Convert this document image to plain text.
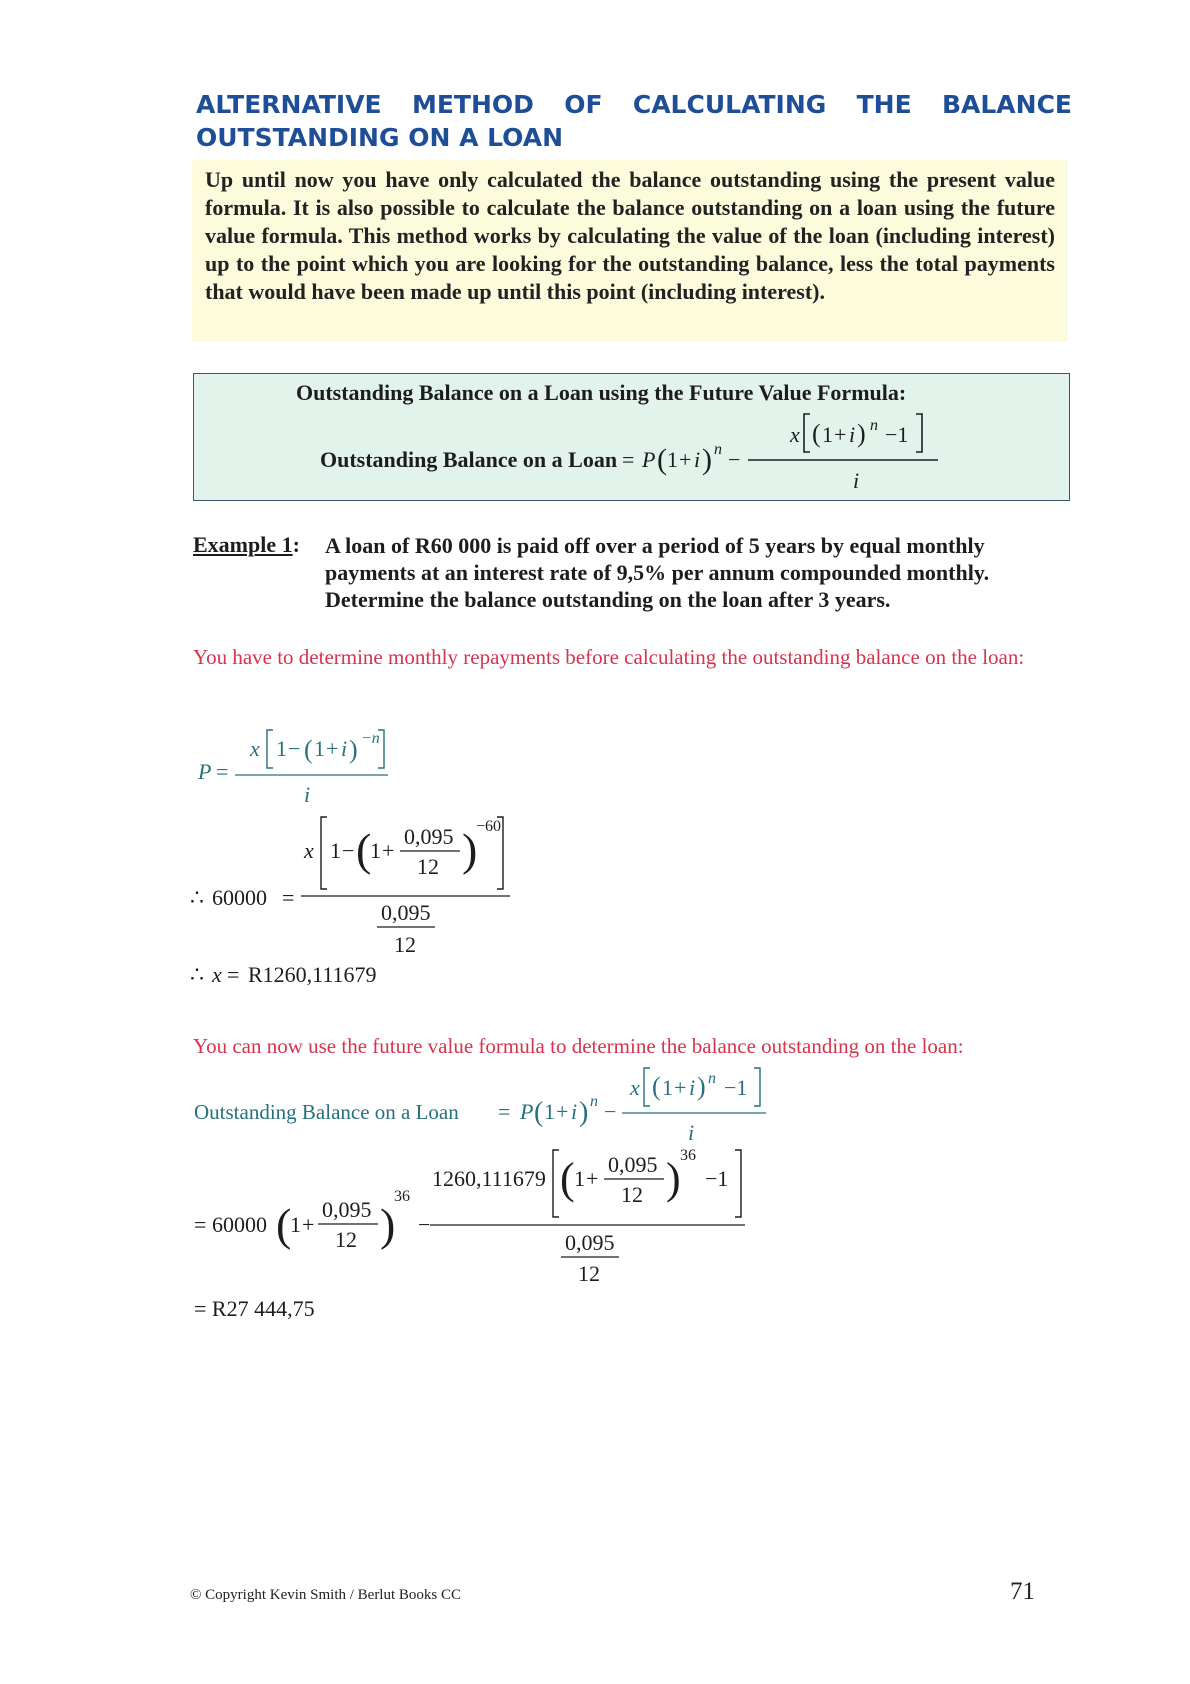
ALTERNATIVE METHOD OF CALCULATING THE BALANCE
OUTSTANDING ON A LOAN
Up until now you have only calculated the balance outstanding using the present value formula. It is also possible to calculate the balance outstanding on a loan using the future value formula. This method works by calculating the value of the loan (including interest) up to the point which you are looking for the outstanding balance, less the total payments that would have been made up until this point (including interest).
Outstanding Balance on a Loan using the Future Value Formula:
Outstanding Balance on a Loan = P ( 1 + i ) n −
x ( 1 + i ) n −1
i
Example 1: A loan of R60 000 is paid off over a period of 5 years by equal monthly payments at an interest rate of 9,5% per annum compounded monthly. Determine the balance outstanding on the loan after 3 years.
You have to determine monthly repayments before calculating the outstanding balance on the loan:
P =
x 1 − ( 1 + i ) −n
i
∴ 60000 =
x 1 − (
1 +
0,095
12 )
−60
0,095
12
∴ x = R1260,111679
You can now use the future value formula to determine the balance outstanding on the loan:
Outstanding Balance on a Loan = P ( 1 + i ) n −
x ( 1 + i ) n −1
i
= 60000 (
1 +
0,095
12 )
36
−
1260,111679 ( 1 +
0,095
12 ) 36
−1
0,095
12
= R27 444,75
© Copyright Kevin Smith / Berlut Books CC	71
